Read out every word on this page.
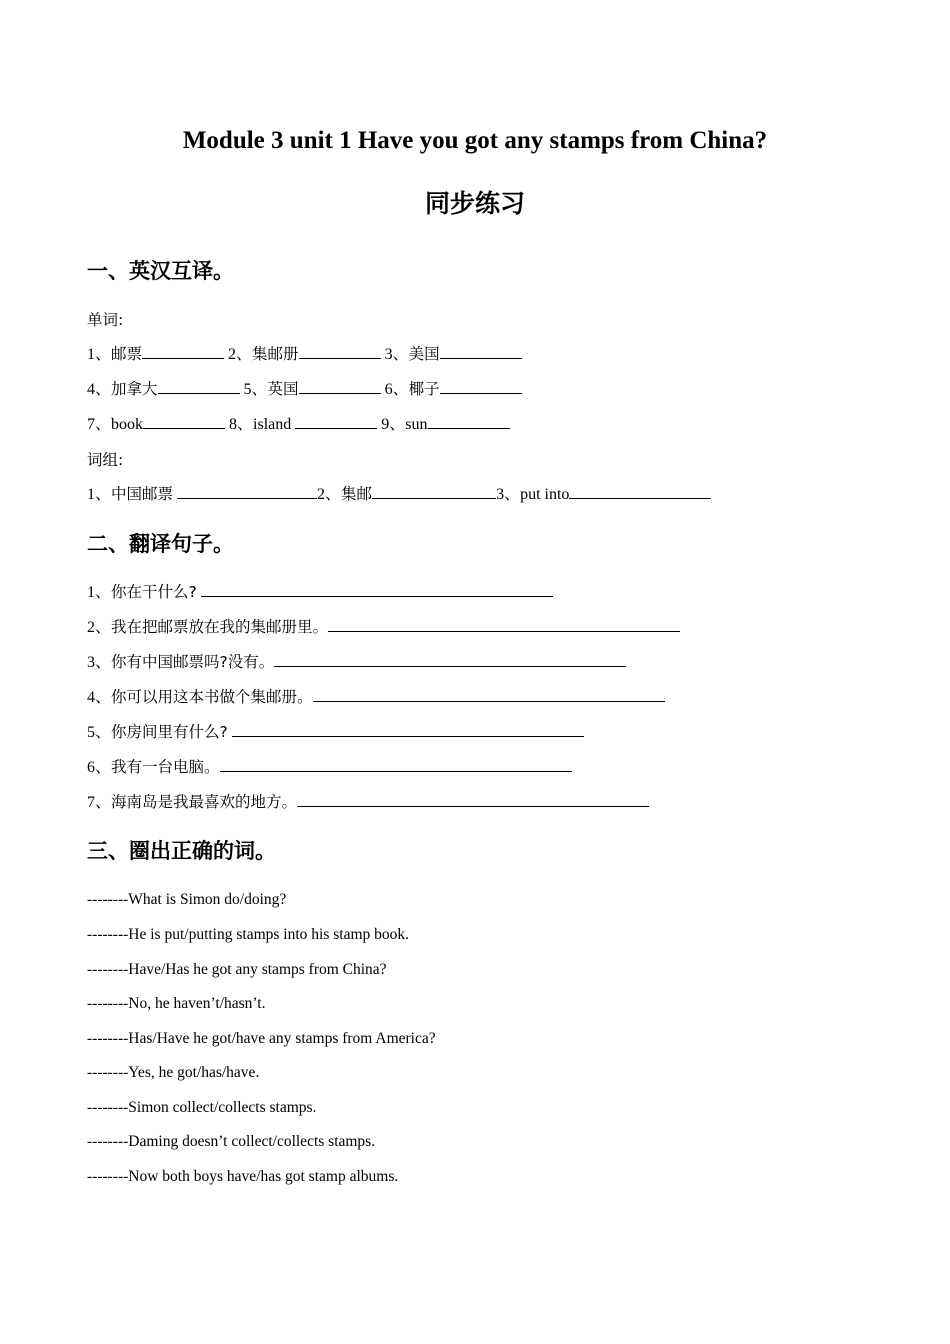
Module 3 unit 1 Have you got any stamps from China?
同步练习
一、英汉互译。
单词:
1、邮票	2、集邮册	3、美国
4、加拿大	5、英国	6、椰子
7、book	8、island	9、sun
词组:
1、中国邮票	2、集邮	3、put into
二、翻译句子。
1、你在干什么?
2、我在把邮票放在我的集邮册里。
3、你有中国邮票吗?没有。
4、你可以用这本书做个集邮册。
5、你房间里有什么?
6、我有一台电脑。
7、海南岛是我最喜欢的地方。
三、圈出正确的词。
--------What is Simon do/doing?
--------He is put/putting stamps into his stamp book.
--------Have/Has he got any stamps from China?
--------No, he haven’t/hasn’t.
--------Has/Have he got/have any stamps from America?
--------Yes, he got/has/have.
--------Simon collect/collects stamps.
--------Daming doesn’t collect/collects stamps.
--------Now both boys have/has got stamp albums.
